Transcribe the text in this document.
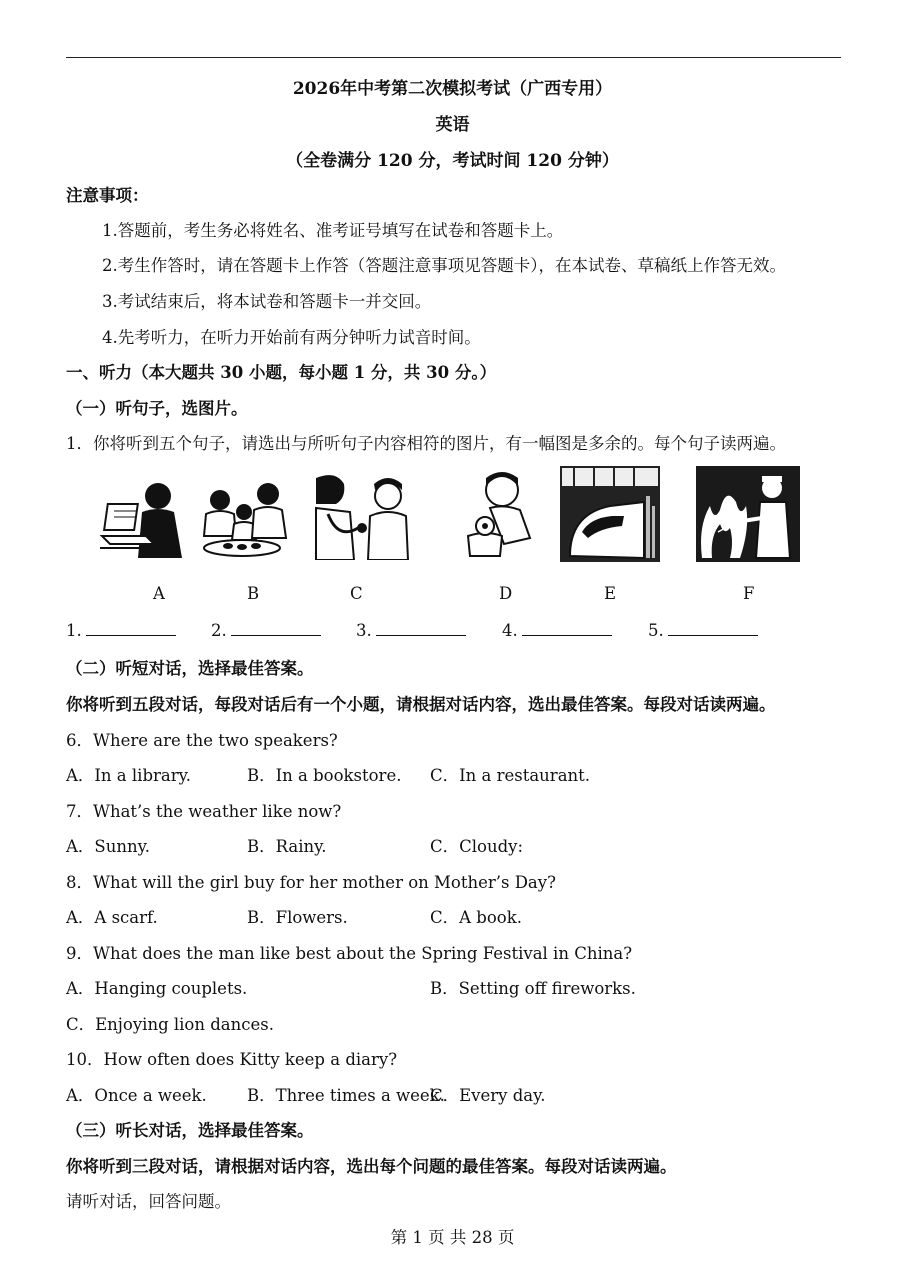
2026年中考第二次模拟考试（广西专用）
英语
（全卷满分 120 分，考试时间 120 分钟）
注意事项：
1.答题前，考生务必将姓名、准考证号填写在试卷和答题卡上。
2.考生作答时，请在答题卡上作答（答题注意事项见答题卡），在本试卷、草稿纸上作答无效。
3.考试结束后，将本试卷和答题卡一并交回。
4.先考听力，在听力开始前有两分钟听力试音时间。
一、听力（本大题共 30 小题，每小题 1 分，共 30 分。）
（一）听句子，选图片。
1．你将听到五个句子，请选出与所听句子内容相符的图片，有一幅图是多余的。每个句子读两遍。
A	B	C	D	E	F
1.	2.	3.	4.	5.
（二）听短对话，选择最佳答案。
你将听到五段对话，每段对话后有一个小题，请根据对话内容，选出最佳答案。每段对话读两遍。
6．Where are the two speakers?
A．In a library.	B．In a bookstore. C．In a restaurant.
7．What’s the weather like now?
A．Sunny.	B．Rainy.	C．Cloudy:
8．What will the girl buy for her mother on Mother’s Day?
A．A scarf.	B．Flowers.	C．A book.
9．What does the man like best about the Spring Festival in China?
A．Hanging couplets.	B．Setting off fireworks.
C．Enjoying lion dances.
10．How often does Kitty keep a diary?
A．Once a week. B．Three times a week.
C．Every day.
（三）听长对话，选择最佳答案。
你将听到三段对话，请根据对话内容，选出每个问题的最佳答案。每段对话读两遍。
请听对话，回答问题。
第 1 页 共 28 页
